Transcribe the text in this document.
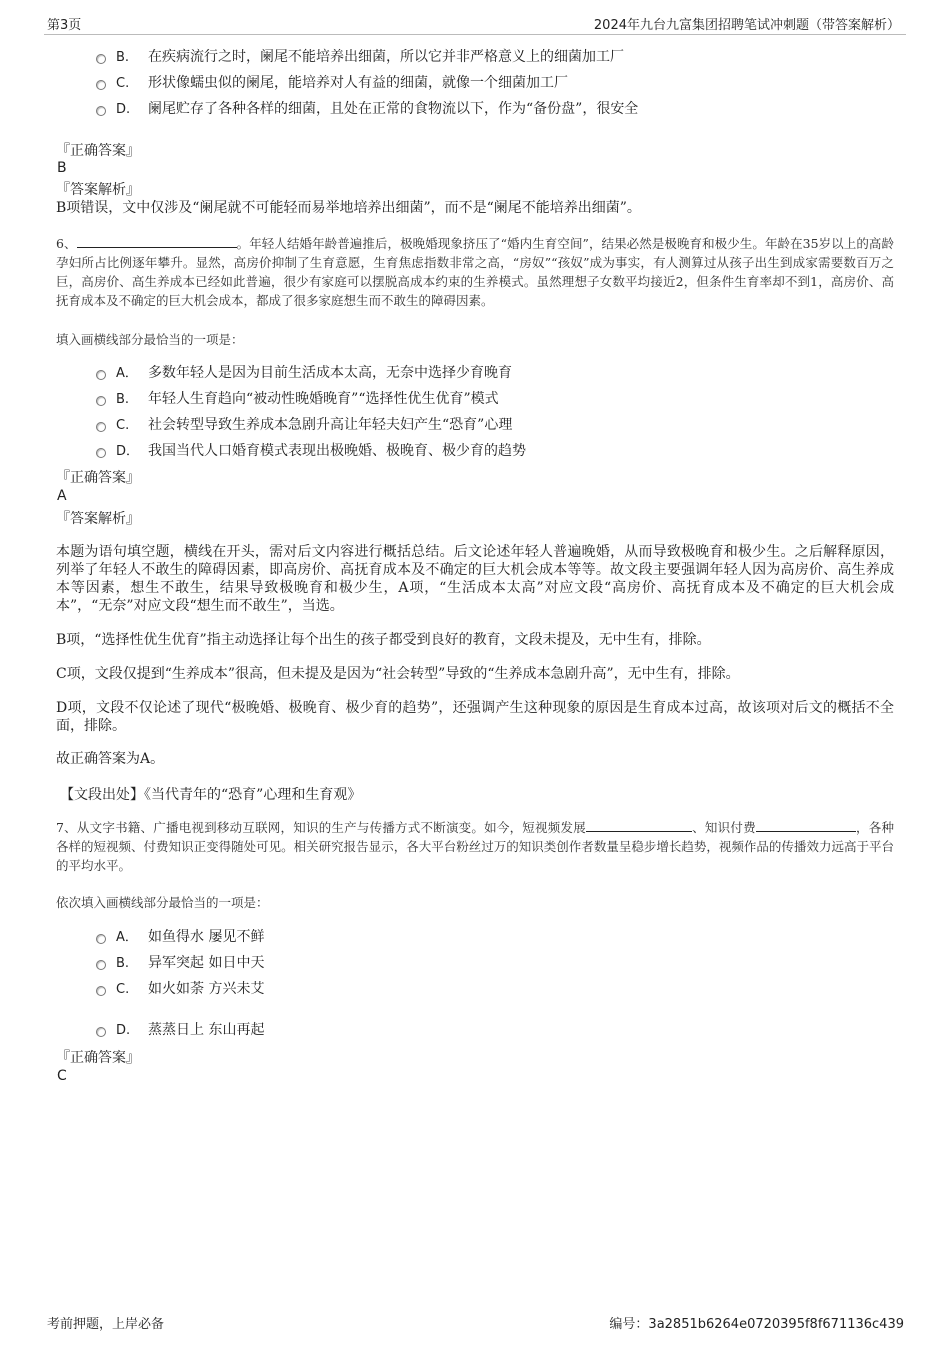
第3页	2024年九台九富集团招聘笔试冲刺题（带答案解析）
B. 在疾病流行之时，阑尾不能培养出细菌，所以它并非严格意义上的细菌加工厂
C. 形状像蠕虫似的阑尾，能培养对人有益的细菌，就像一个细菌加工厂
D. 阑尾贮存了各种各样的细菌，且处在正常的食物流以下，作为“备份盘”，很安全
『正确答案』
B
『答案解析』
B项错误，文中仅涉及“阑尾就不可能轻而易举地培养出细菌”，而不是“阑尾不能培养出细菌”。
6、	。年轻人结婚年龄普遍推后，极晚婚现象挤压了“婚内生育空间”，结果必然是极晚育和极少生。年龄在35岁以上的高龄孕妇所占比例逐年攀升。显然，高房价抑制了生育意愿，生育焦虑指数非常之高，“房奴”“孩奴”成为事实，有人测算过从孩子出生到成家需要数百万之巨，高房价、高生养成本已经如此普遍，很少有家庭可以摆脱高成本约束的生养模式。虽然理想子女数平均接近2，但条件生育率却不到1，高房价、高抚育成本及不确定的巨大机会成本，都成了很多家庭想生而不敢生的障碍因素。
填入画横线部分最恰当的一项是：
A． 多数年轻人是因为目前生活成本太高，无奈中选择少育晚育
B. 年轻人生育趋向“被动性晚婚晚育”“选择性优生优育”模式
C. 社会转型导致生养成本急剧升高让年轻夫妇产生“恐育”心理
D． 我国当代人口婚育模式表现出极晚婚、极晚育、极少育的趋势
『正确答案』
A
『答案解析』
本题为语句填空题，横线在开头，需对后文内容进行概括总结。后文论述年轻人普遍晚婚，从而导致极晚育和极少生。之后解释原因，列举了年轻人不敢生的障碍因素，即高房价、高抚育成本及不确定的巨大机会成本等等。故文段主要强调年轻人因为高房价、高生养成本等因素，想生不敢生，结果导致极晚育和极少生，A项，“生活成本太高”对应文段“高房价、高抚育成本及不确定的巨大机会成本”，“无奈”对应文段“想生而不敢生”，当选。
B项，“选择性优生优育”指主动选择让每个出生的孩子都受到良好的教育，文段未提及，无中生有，排除。
C项，文段仅提到“生养成本”很高，但未提及是因为“社会转型”导致的“生养成本急剧升高”，无中生有，排除。
D项，文段不仅论述了现代“极晚婚、极晚育、极少育的趋势”，还强调产生这种现象的原因是生育成本过高，故该项对后文的概括不全面，排除。
故正确答案为A。
【文段出处】《当代青年的“恐育”心理和生育观》
7、从文字书籍、广播电视到移动互联网，知识的生产与传播方式不断演变。如今，短视频发展	、知识付费	，各种各样的短视频、付费知识正变得随处可见。相关研究报告显示，各大平台粉丝过万的知识类创作者数量呈稳步增长趋势，视频作品的传播效力远高于平台的平均水平。
依次填入画横线部分最恰当的一项是：
A． 如鱼得水 屡见不鲜
B. 异军突起 如日中天
C. 如火如荼 方兴未艾
D. 蒸蒸日上 东山再起
『正确答案』
C
考前押题，上岸必备	编号：3a2851b6264e0720395f8f671136c439
